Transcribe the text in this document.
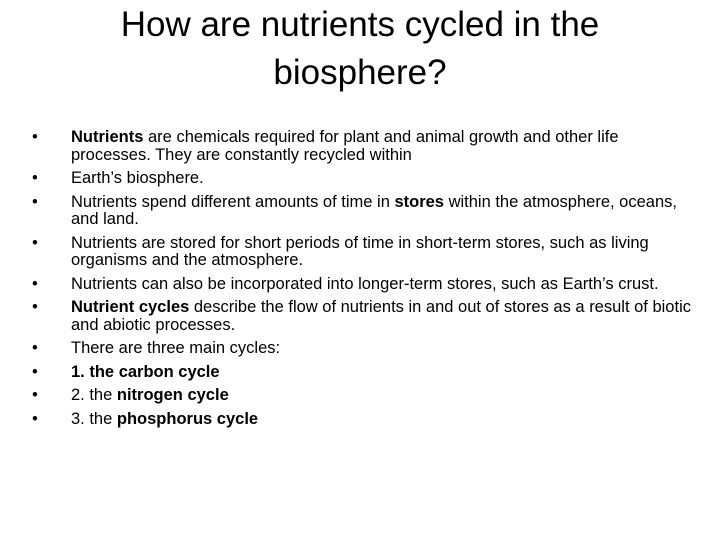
How are nutrients cycled in the biosphere?
•	Nutrients are chemicals required for plant and animal growth and other life processes. They are constantly recycled within
•	Earth’s biosphere.
•	Nutrients spend different amounts of time in stores within the atmosphere, oceans, and land.
•	Nutrients are stored for short periods of time in short-term stores, such as living organisms and the atmosphere.
•	Nutrients can also be incorporated into longer-term stores, such as Earth’s crust.
•	Nutrient cycles describe the flow of nutrients in and out of stores as a result of biotic and abiotic processes.
•	There are three main cycles:
•	1. the carbon cycle
•	2. the nitrogen cycle
•	3. the phosphorus cycle
